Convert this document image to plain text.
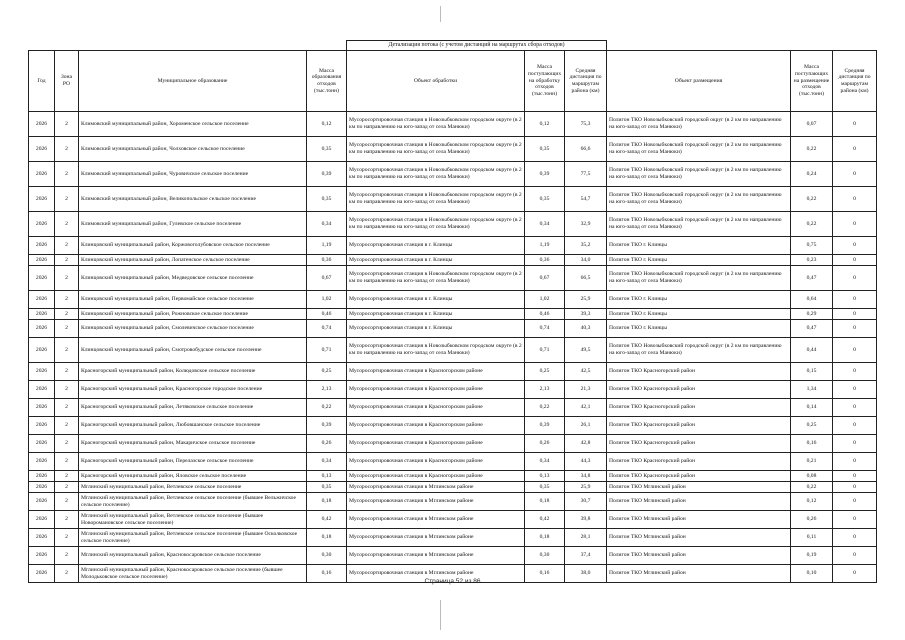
				Детализация потока (с учетом дистанций на маршрутах сбора отходов)					
Год	Зона РО	Муниципальное образование	Масса образования отходов (тыс.тонн)	Объект обработки	Масса поступающих на обработку отходов (тыс.тонн)	Средняя дистанция по маршрутам района (км)	Объект размещения	Масса поступающих на размещение отходов (тыс.тонн)	Средняя дистанция по маршрутам района (км)
2026	2	Климовский муниципальный район, Хороменское сельское поселение	0,12	Мусоросортировочная станция в Новозыбковском городском округе (в 2 км по направлению на юго-запад от села Манюки)	0,12	75,3	Полигон ТКО Новозыбковский городской округ (в 2 км по направлению на юго-запад от села Манюки)	0,07	0
2026	2	Климовский муниципальный район, Чолховское сельское поселение	0,35	Мусоросортировочная станция в Новозыбковском городском округе (в 2 км по направлению на юго-запад от села Манюки)	0,35	66,6	Полигон ТКО Новозыбковский городской округ (в 2 км по направлению на юго-запад от села Манюки)	0,22	0
2026	2	Климовский муниципальный район, Чуровичское сельское поселение	0,39	Мусоросортировочная станция в Новозыбковском городском округе (в 2 км по направлению на юго-запад от села Манюки)	0,39	77,5	Полигон ТКО Новозыбковский городской округ (в 2 км по направлению на юго-запад от села Манюки)	0,24	0
2026	2	Климовский муниципальный район, Великопольское сельское поселение	0,35	Мусоросортировочная станция в Новозыбковском городском округе (в 2 км по направлению на юго-запад от села Манюки)	0,35	54,7	Полигон ТКО Новозыбковский городской округ (в 2 км по направлению на юго-запад от села Манюки)	0,22	0
2026	2	Климовский муниципальный район, Гулевское сельское поселение	0,34	Мусоросортировочная станция в Новозыбковском городском округе (в 2 км по направлению на юго-запад от села Манюки)	0,34	32,9	Полигон ТКО Новозыбковский городской округ (в 2 км по направлению на юго-запад от села Манюки)	0,22	0
2026	2	Клинцовский муниципальный район, Коржовоголубовское сельское поселение	1,19	Мусоросортировочная станция в г. Клинцы	1,19	35,2	Полигон ТКО г. Клинцы	0,75	0
2026	2	Клинцовский муниципальный район, Лопатенское сельское поселение	0,36	Мусоросортировочная станция в г. Клинцы	0,36	34,0	Полигон ТКО г. Клинцы	0,23	0
2026	2	Клинцовский муниципальный район, Медведовское сельское поселение	0,67	Мусоросортировочная станция в Новозыбковском городском округе (в 2 км по направлению на юго-запад от села Манюки)	0,67	66,5	Полигон ТКО Новозыбковский городской округ (в 2 км по направлению на юго-запад от села Манюки)	0,47	0
2026	2	Клинцовский муниципальный район, Первомайское сельское поселение	1,02	Мусоросортировочная станция в г. Клинцы	1,02	25,9	Полигон ТКО г. Клинцы	0,64	0
2026	2	Клинцовский муниципальный район, Рожновское сельское поселение	0,46	Мусоросортировочная станция в г. Клинцы	0,46	39,3	Полигон ТКО г. Клинцы	0,29	0
2026	2	Клинцовский муниципальный район, Смолевичское сельское поселение	0,74	Мусоросортировочная станция в г. Клинцы	0,74	40,3	Полигон ТКО г. Клинцы	0,47	0
2026	2	Клинцовский муниципальный район, Смотровобудское сельское поселение	0,71	Мусоросортировочная станция в Новозыбковском городском округе (в 2 км по направлению на юго-запад от села Манюки)	0,71	49,5	Полигон ТКО Новозыбковский городской округ (в 2 км по направлению на юго-запад от села Манюки)	0,44	0
2026	2	Красногорский муниципальный район, Колюдовское сельское поселение	0,25	Мусоросортировочная станция в Красногорском районе	0,25	42,5	Полигон ТКО Красногорский район	0,15	0
2026	2	Красногорский муниципальный район, Красногорское городское поселение	2,13	Мусоросортировочная станция в Красногорском районе	2,13	21,3	Полигон ТКО Красногорский район	1,34	0
2026	2	Красногорский муниципальный район, Летяковское сельское поселение	0,22	Мусоросортировочная станция в Красногорском районе	0,22	42,1	Полигон ТКО Красногорский район	0,14	0
2026	2	Красногорский муниципальный район, Любовшанское сельское поселение	0,39	Мусоросортировочная станция в Красногорском районе	0,39	26,1	Полигон ТКО Красногорский район	0,25	0
2026	2	Красногорский муниципальный район, Макаричское сельское поселение	0,26	Мусоросортировочная станция в Красногорском районе	0,26	42,8	Полигон ТКО Красногорский район	0,16	0
2026	2	Красногорский муниципальный район, Перелазское сельское поселение	0,34	Мусоросортировочная станция в Красногорском районе	0,34	44,3	Полигон ТКО Красногорский район	0,21	0
2026	2	Красногорский муниципальный район, Яловское сельское поселение	0,13	Мусоросортировочная станция в Красногорском районе	0,13	34,8	Полигон ТКО Красногорский район	0,08	0
2026	2	Мглинский муниципальный район, Ветлевское сельское поселение	0,35	Мусоросортировочная станция в Мглинском районе	0,35	25,9	Полигон ТКО Мглинский район	0,22	0
2026	2	Мглинский муниципальный район, Ветлевское сельское поселение (бывшее Вельжичское сельское поселение)	0,18	Мусоросортировочная станция в Мглинском районе	0,18	30,7	Полигон ТКО Мглинский район	0,12	0
2026	2	Мглинский муниципальный район, Ветлевское сельское поселение (бывшее Новоромановское сельское поселение)	0,42	Мусоросортировочная станция в Мглинском районе	0,42	39,8	Полигон ТКО Мглинский район	0,26	0
2026	2	Мглинский муниципальный район, Ветлевское сельское поселение (бывшее Осколковское сельское поселение)	0,18	Мусоросортировочная станция в Мглинском районе	0,18	28,1	Полигон ТКО Мглинский район	0,11	0
2026	2	Мглинский муниципальный район, Краснокосаровское сельское поселение	0,30	Мусоросортировочная станция в Мглинском районе	0,30	37,4	Полигон ТКО Мглинский район	0,19	0
2026	2	Мглинский муниципальный район, Краснокосаровское сельское поселение (бывшее Молодьковское сельское поселение)	0,16	Мусоросортировочная станция в Мглинском районе	0,16	38,0	Полигон ТКО Мглинский район	0,10	0
Страница 52 из 86
